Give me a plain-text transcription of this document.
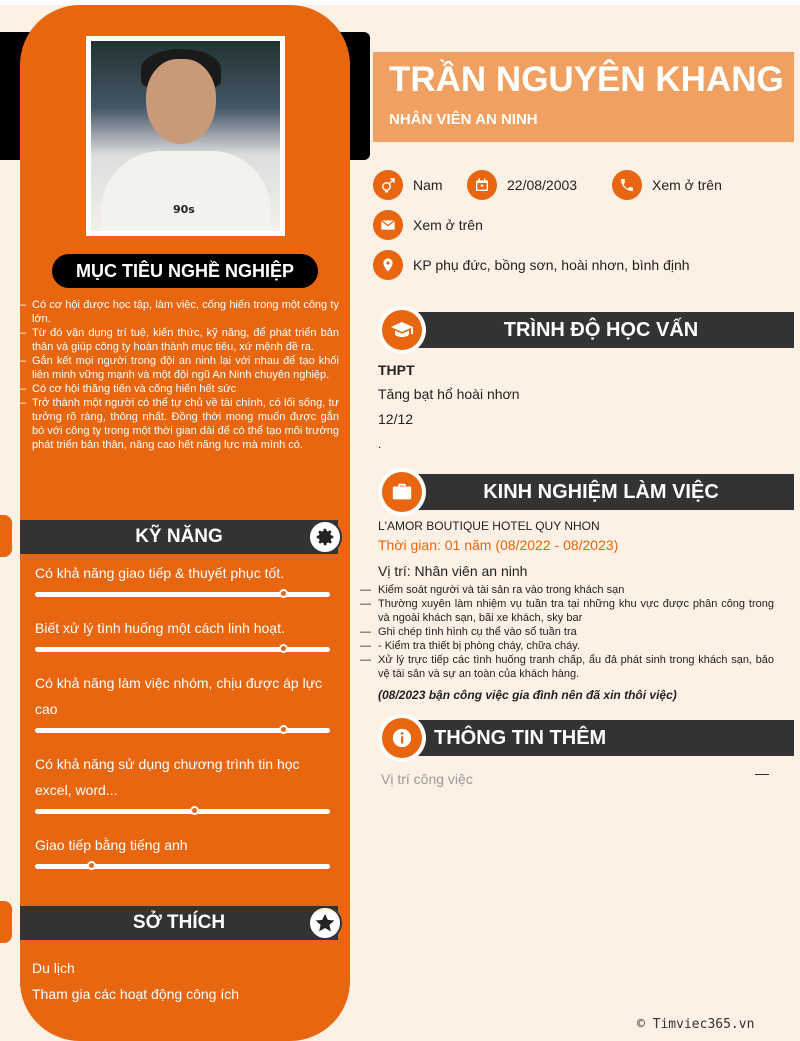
90s
MỤC TIÊU NGHỀ NGHIỆP
– Có cơ hội được học tập, làm việc, cống hiến trong một công ty lớn.
– Từ đó vận dụng trí tuệ, kiến thức, kỹ năng, để phát triển bản thân và giúp công ty hoàn thành mục tiêu, xứ mệnh đề ra.
– Gắn kết mọi người trong đội an ninh lại với nhau để tạo khối liên minh vững mạnh và một đội ngũ An Ninh chuyên nghiệp.
– Có cơ hội thăng tiến và cống hiến hết sức
– Trở thành một người có thể tự chủ về tài chính, có lối sống, tư tưởng rõ ràng, thông nhất. Đồng thời mong muốn được gắn bó với công ty trong một thời gian dài để có thể tạo môi trường phát triển bản thân, nâng cao hết năng lực mà mình có.
KỸ NĂNG
Có khả năng giao tiếp & thuyết phục tốt.
Biết xử lý tình huống một cách linh hoạt.
Có khả năng làm việc nhóm, chịu được áp lực cao
Có khả năng sử dụng chương trình tin học excel, word...
Giao tiếp bằng tiếng anh
SỞ THÍCH
Du lịch
Tham gia các hoạt động công ích
TRẦN NGUYÊN KHANG
NHÂN VIÊN AN NINH
Nam	22/08/2003	Xem ở trên
Xem ở trên
KP phụ đức, bồng sơn, hoài nhơn, bình định
TRÌNH ĐỘ HỌC VẤN
THPT
Tăng bạt hổ hoài nhơn
12/12
.
KINH NGHIỆM LÀM VIỆC
L'AMOR BOUTIQUE HOTEL QUY NHON
Thời gian: 01 năm (08/2022 - 08/2023)
Vị trí: Nhân viên an ninh
— Kiểm soát người và tài sản ra vào trong khách sạn
— Thường xuyên làm nhiệm vụ tuần tra tại những khu vực được phân công trong và ngoài khách sạn, bãi xe khách, sky bar
— Ghi chép tình hình cụ thể vào sổ tuần tra
— - Kiểm tra thiết bị phòng cháy, chữa cháy.
— Xử lý trực tiếp các tình huống tranh chấp, ẩu đả phát sinh trong khách sạn, bảo vệ tài sản và sự an toàn của khách hàng.
(08/2023 bận công việc gia đình nên đã xin thôi việc)
THÔNG TIN THÊM
Vị trí công việc	—
© Timviec365.vn
